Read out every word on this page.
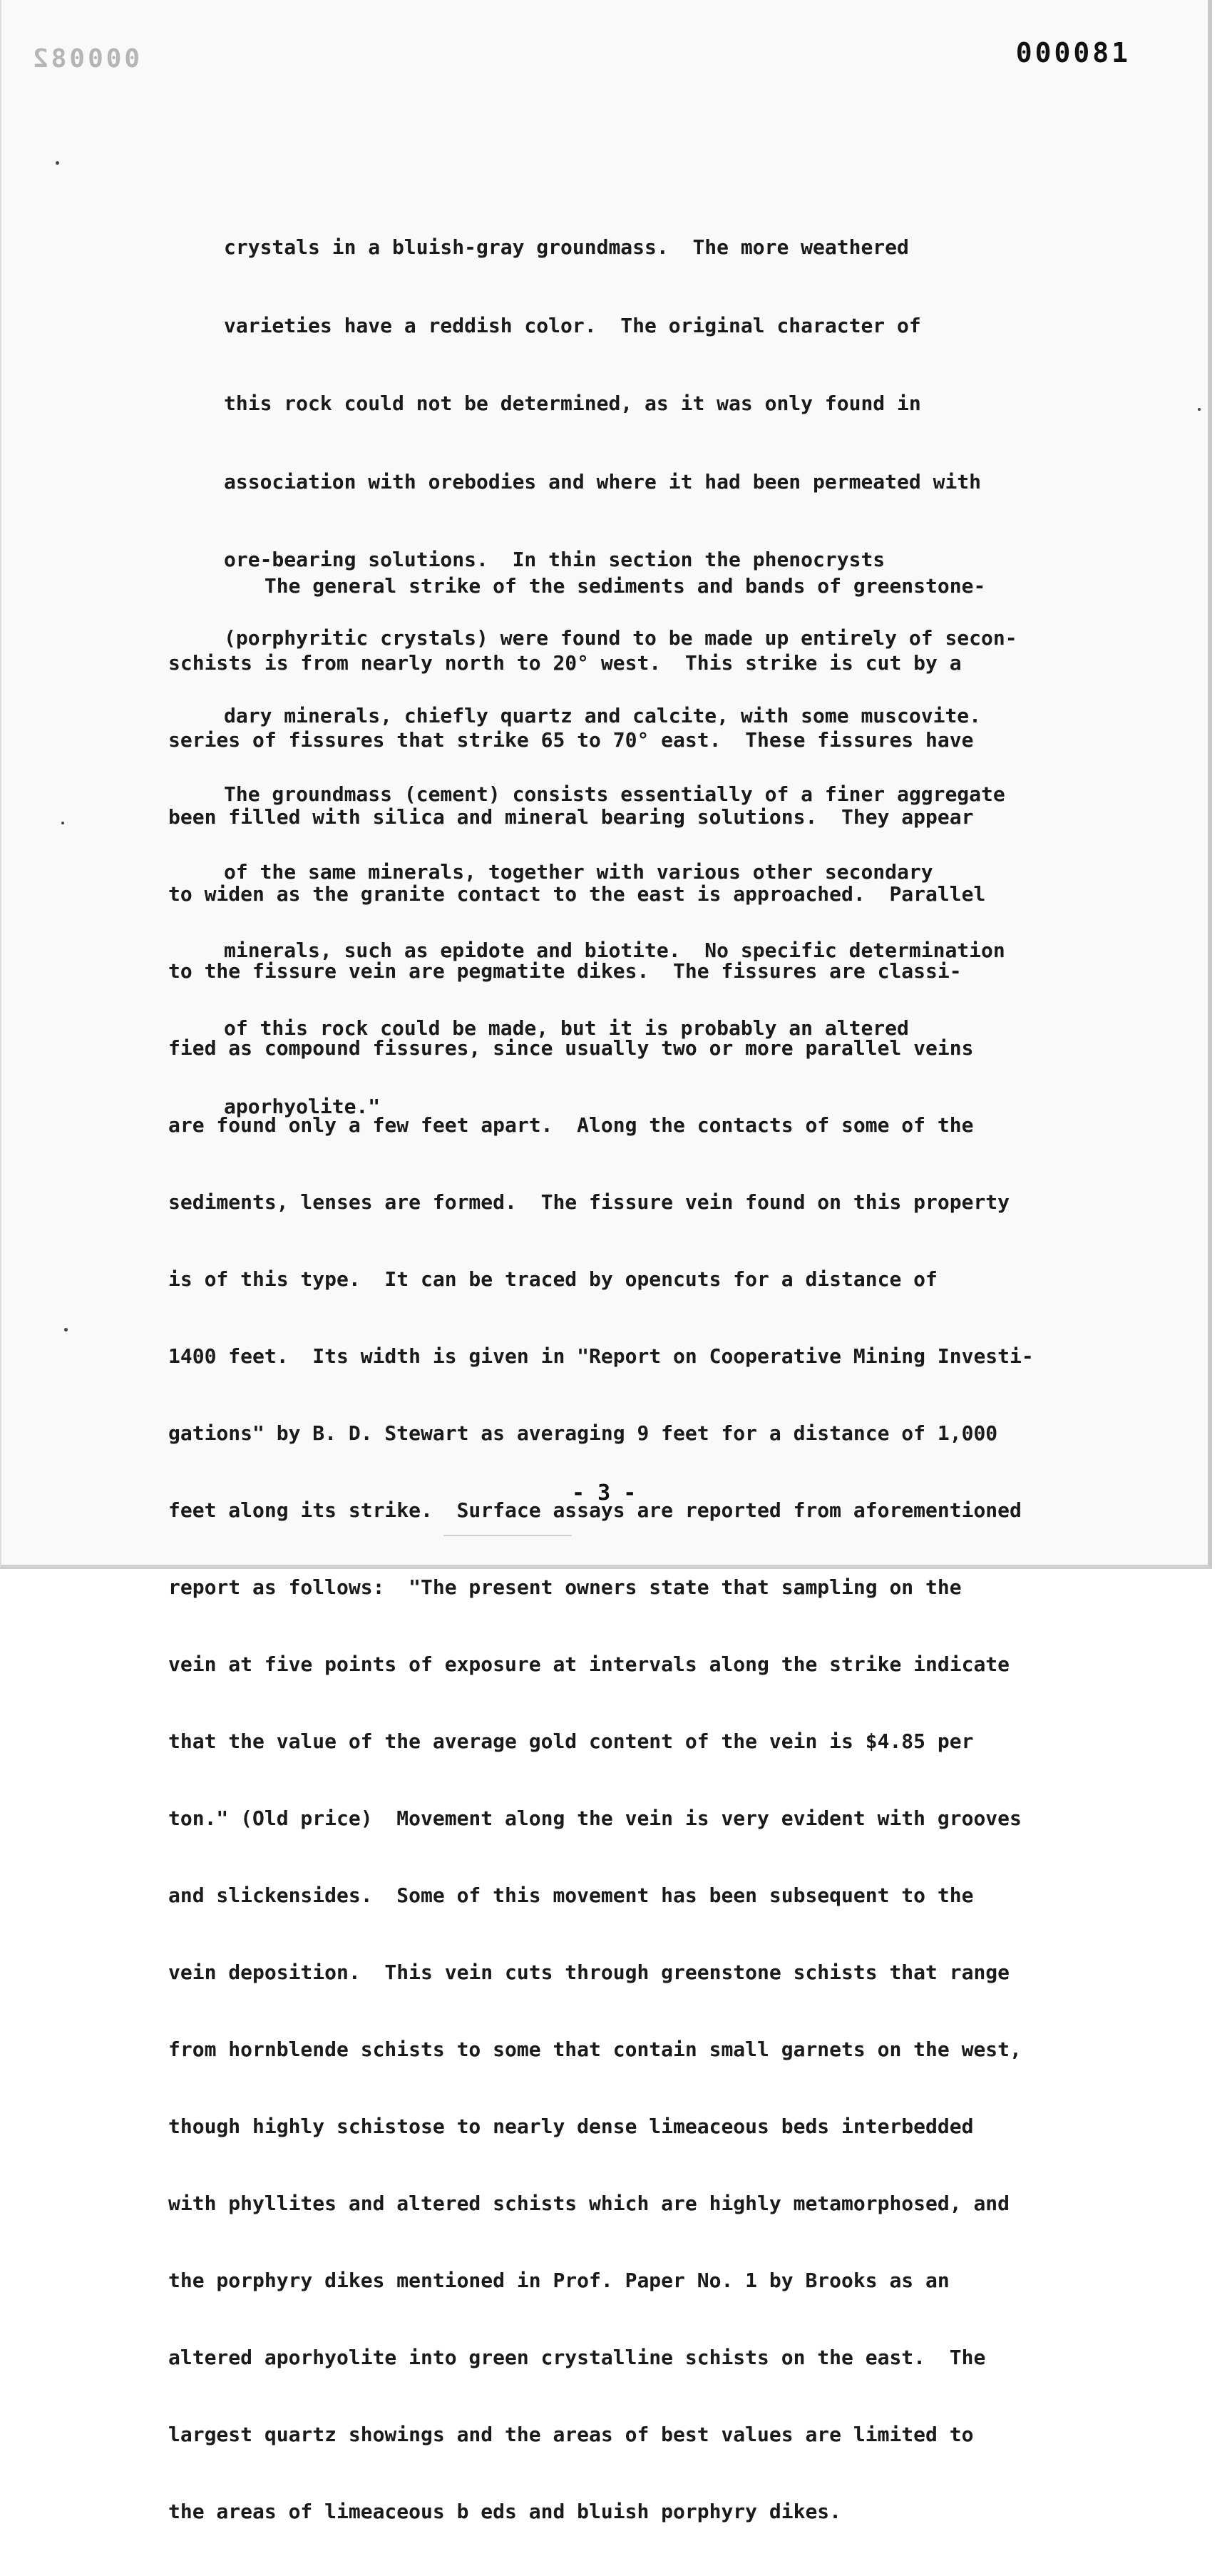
000082	000081

crystals in a bluish-gray groundmass.  The more weathered

varieties have a reddish color.  The original character of

this rock could not be determined, as it was only found in

association with orebodies and where it had been permeated with

ore-bearing solutions.  In thin section the phenocrysts

(porphyritic crystals) were found to be made up entirely of secon-

dary minerals, chiefly quartz and calcite, with some muscovite.

The groundmass (cement) consists essentially of a finer aggregate

of the same minerals, together with various other secondary

minerals, such as epidote and biotite.  No specific determination

of this rock could be made, but it is probably an altered

aporhyolite."

The general strike of the sediments and bands of greenstone-

schists is from nearly north to 20° west.  This strike is cut by a

series of fissures that strike 65 to 70° east.  These fissures have

been filled with silica and mineral bearing solutions.  They appear

to widen as the granite contact to the east is approached.  Parallel

to the fissure vein are pegmatite dikes.  The fissures are classi-

fied as compound fissures, since usually two or more parallel veins

are found only a few feet apart.  Along the contacts of some of the

sediments, lenses are formed.  The fissure vein found on this property

is of this type.  It can be traced by opencuts for a distance of

1400 feet.  Its width is given in "Report on Cooperative Mining Investi-

gations" by B. D. Stewart as averaging 9 feet for a distance of 1,000

feet along its strike.  Surface assays are reported from aforementioned

report as follows:  "The present owners state that sampling on the

vein at five points of exposure at intervals along the strike indicate

that the value of the average gold content of the vein is $4.85 per

ton." (Old price)  Movement along the vein is very evident with grooves

and slickensides.  Some of this movement has been subsequent to the

vein deposition.  This vein cuts through greenstone schists that range

from hornblende schists to some that contain small garnets on the west,

though highly schistose to nearly dense limeaceous beds interbedded

with phyllites and altered schists which are highly metamorphosed, and

the porphyry dikes mentioned in Prof. Paper No. 1 by Brooks as an

altered aporhyolite into green crystalline schists on the east.  The

largest quartz showings and the areas of best values are limited to

the areas of limeaceous b eds and bluish porphyry dikes.

- 3 -
